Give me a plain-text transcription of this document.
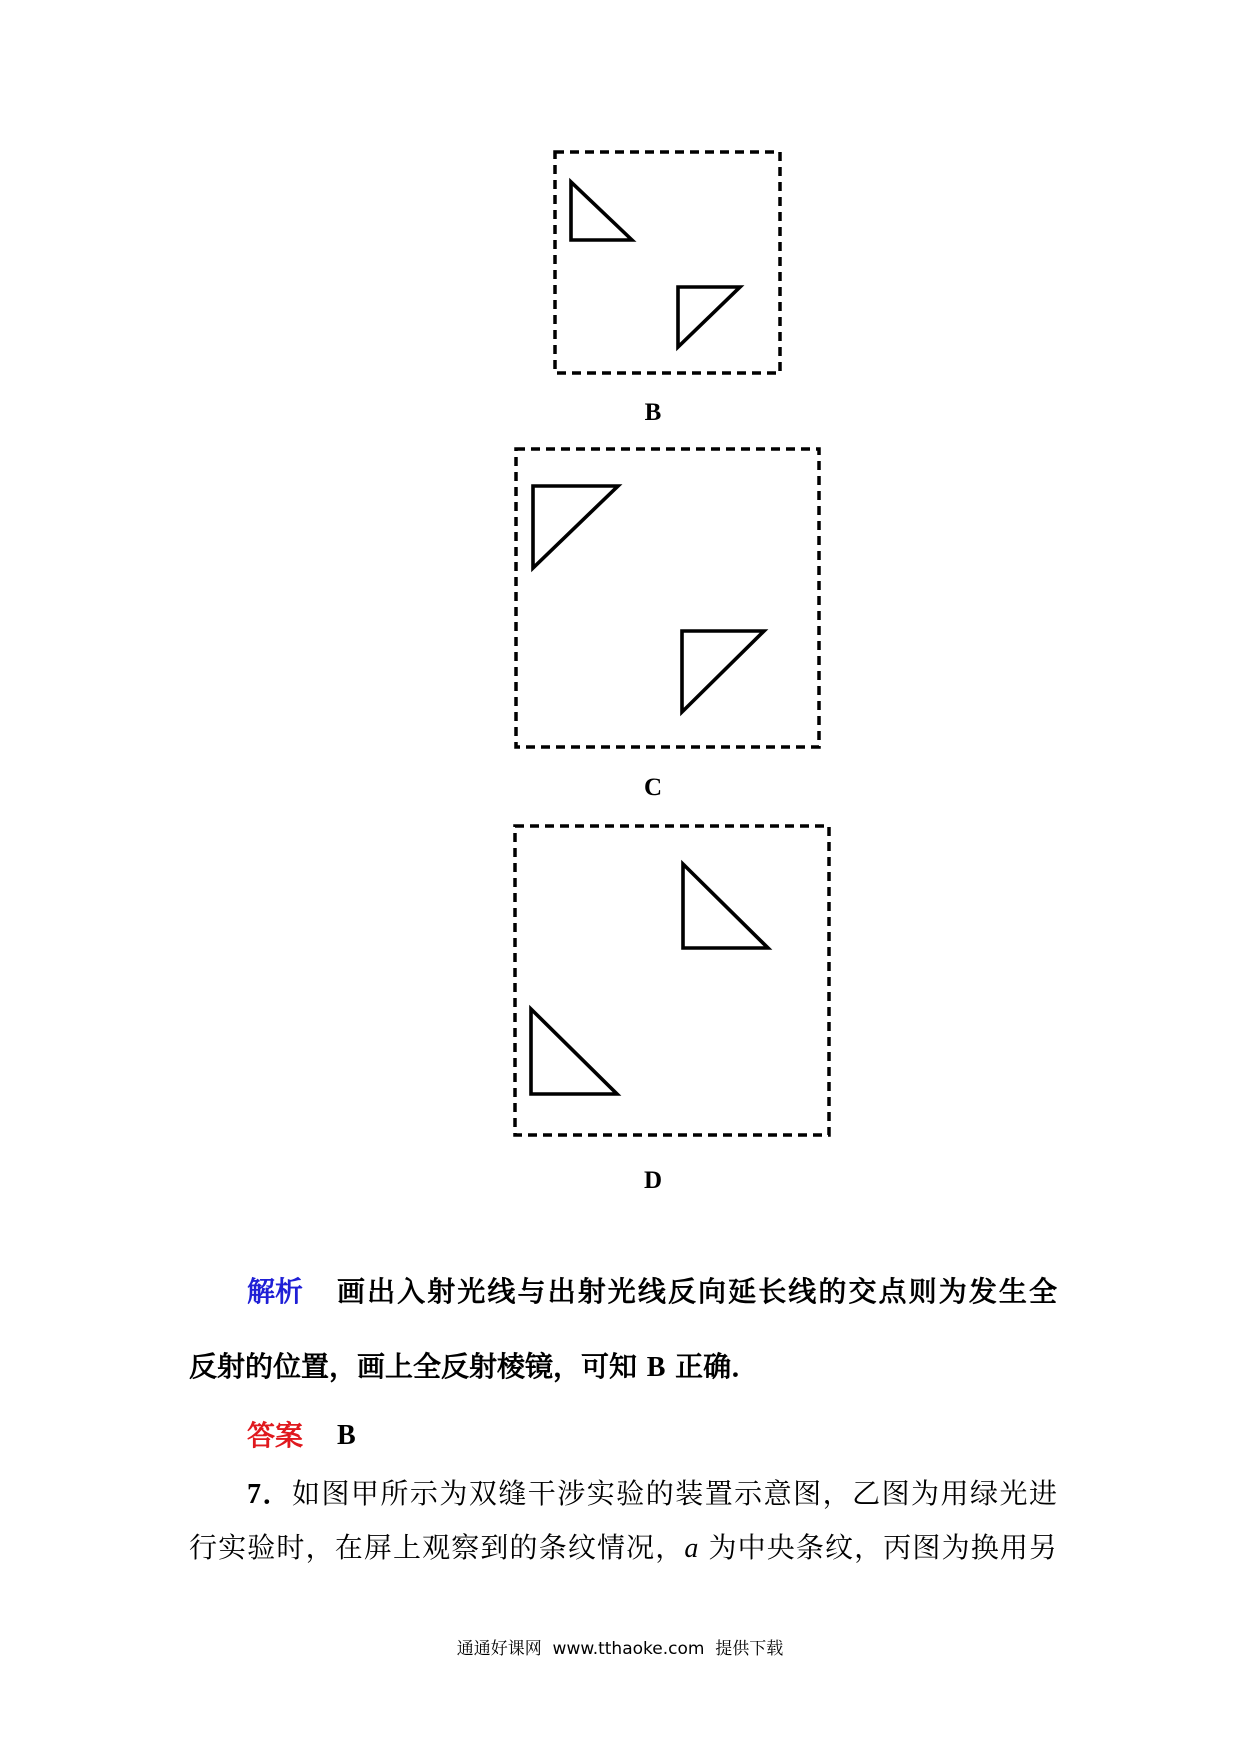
B
C
D
解析 画出入射光线与出射光线反向延长线的交点则为发生全
反射的位置，画上全反射棱镜，可知 B 正确．
答案 B
7．如图甲所示为双缝干涉实验的装置示意图，乙图为用绿光进
行实验时，在屏上观察到的条纹情况，a 为中央条纹，丙图为换用另
通通好课网  www.tthaoke.com  提供下载
